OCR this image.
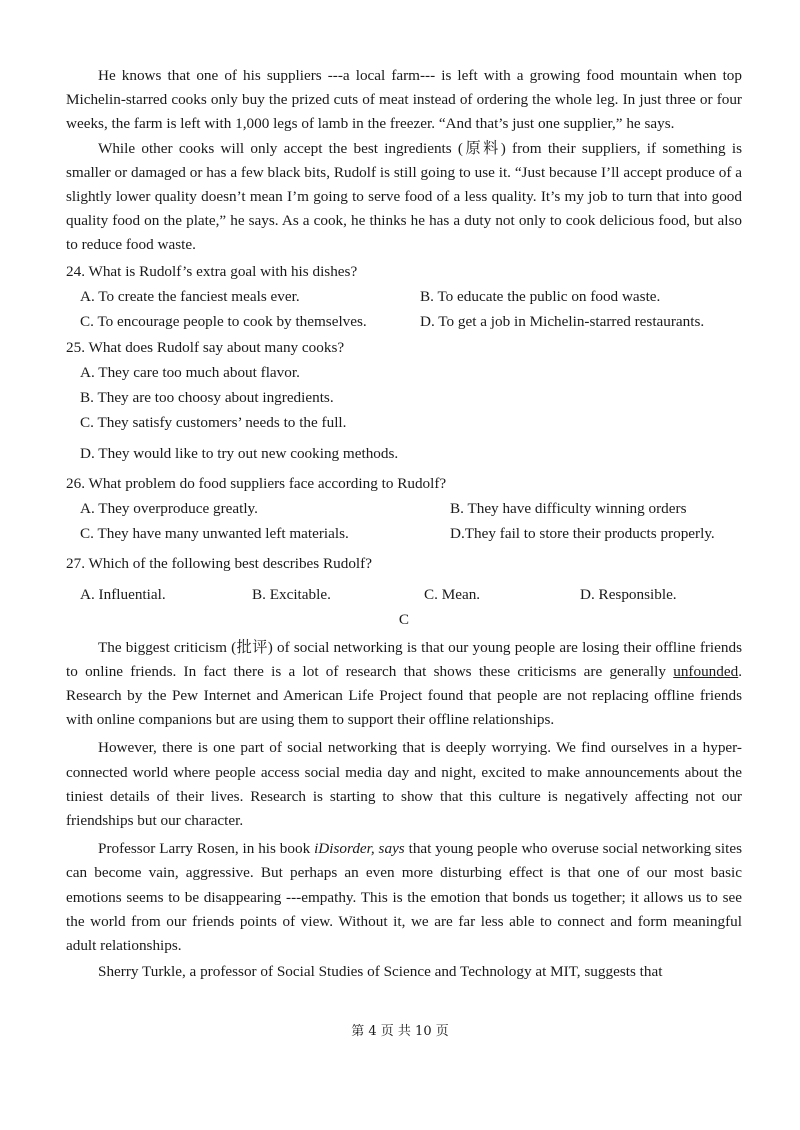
He knows that one of his suppliers ---a local farm--- is left with a growing food mountain when top Michelin-starred cooks only buy the prized cuts of meat instead of ordering the whole leg. In just three or four weeks, the farm is left with 1,000 legs of lamb in the freezer. “And that’s just one supplier,” he says.

While other cooks will only accept the best ingredients (原料) from their suppliers, if something is smaller or damaged or has a few black bits, Rudolf is still going to use it. “Just because I’ll accept produce of a slightly lower quality doesn’t mean I’m going to serve food of a less quality. It’s my job to turn that into good quality food on the plate,” he says. As a cook, he thinks he has a duty not only to cook delicious food, but also to reduce food waste.

24. What is Rudolf’s extra goal with his dishes?
A. To create the fanciest meals ever.	B. To educate the public on food waste.
C. To encourage people to cook by themselves.	D. To get a job in Michelin-starred restaurants.
25. What does Rudolf say about many cooks?
A. They care too much about flavor.
B. They are too choosy about ingredients.
C. They satisfy customers’ needs to the full.
D. They would like to try out new cooking methods.
26. What problem do food suppliers face according to Rudolf?
A. They overproduce greatly.	B. They have difficulty winning orders
C. They have many unwanted left materials.	D.They fail to store their products properly.
27. Which of the following best describes Rudolf?
A. Influential.	B. Excitable.	C. Mean.	D. Responsible.
C

The biggest criticism (批评) of social networking is that our young people are losing their offline friends to online friends. In fact there is a lot of research that shows these criticisms are generally unfounded. Research by the Pew Internet and American Life Project found that people are not replacing offline friends with online companions but are using them to support their offline relationships.

However, there is one part of social networking that is deeply worrying. We find ourselves in a hyper-connected world where people access social media day and night, excited to make announcements about the tiniest details of their lives. Research is starting to show that this culture is negatively affecting not our friendships but our character.

Professor Larry Rosen, in his book iDisorder, says that young people who overuse social networking sites can become vain, aggressive. But perhaps an even more disturbing effect is that one of our most basic emotions seems to be disappearing ---empathy. This is the emotion that bonds us together; it allows us to see the world from our friends points of view. Without it, we are far less able to connect and form meaningful adult relationships.

Sherry Turkle, a professor of Social Studies of Science and Technology at MIT, suggests that

第 4 页 共 10 页
